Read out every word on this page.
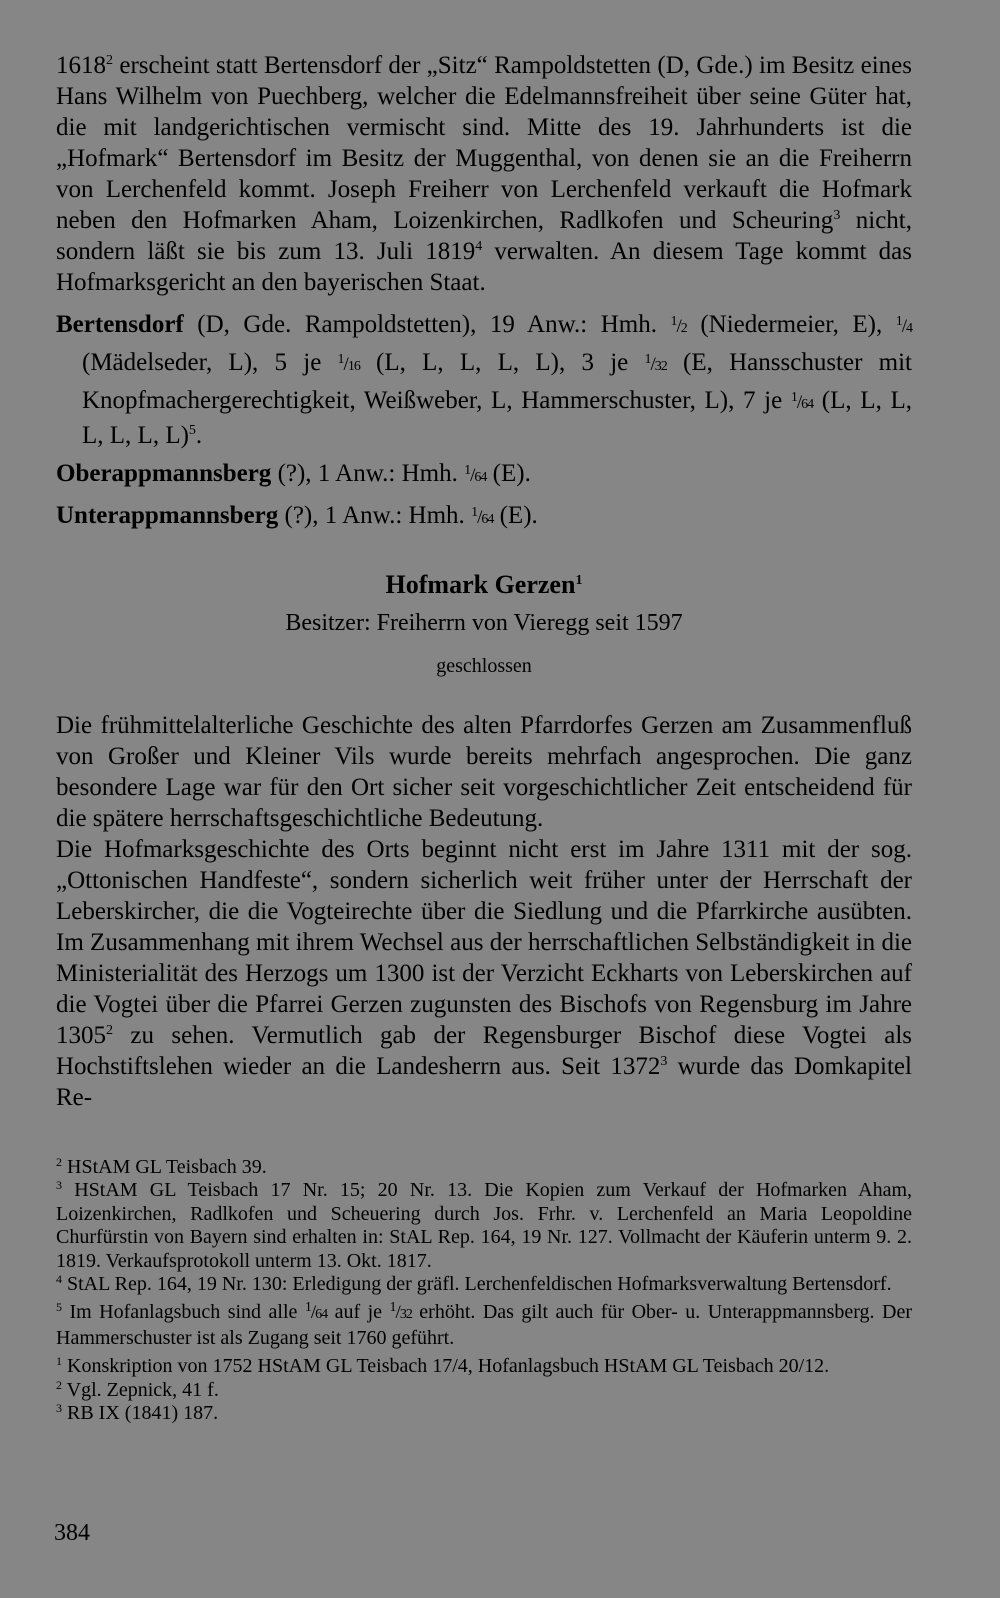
1618$^2$ erscheint statt Bertensdorf der „Sitz“ Rampoldstetten (D, Gde.) im Besitz eines Hans Wilhelm von Puechberg, welcher die Edelmannsfreiheit über seine Güter hat, die mit landgerichtischen vermischt sind. Mitte des 19. Jahrhunderts ist die „Hofmark“ Bertensdorf im Besitz der Muggenthal, von denen sie an die Freiherrn von Lerchenfeld kommt. Joseph Freiherr von Lerchenfeld verkauft die Hofmark neben den Hofmarken Aham, Loizenkirchen, Radlkofen und Scheuring$^3$ nicht, sondern läßt sie bis zum 13. Juli 1819$^4$ verwalten. An diesem Tage kommt das Hofmarksgericht an den bayerischen Staat.

Bertensdorf (D, Gde. Rampoldstetten), 19 Anw.: Hmh. $^1$/2 (Niedermeier, E), $^1$/4 (Mädelseder, L), 5 je $^1$/16 (L, L, L, L, L), 3 je $^1$/32 (E, Hansschuster mit Knopfmachergerechtigkeit, Weißweber, L, Hammerschuster, L), 7 je $^1$/64 (L, L, L, L, L, L, L)$^5$.

Oberappmannsberg (?), 1 Anw.: Hmh. $^1$/64 (E).

Unterappmannsberg (?), 1 Anw.: Hmh. $^1$/64 (E).

Hofmark Gerzen$^1$
Besitzer: Freiherrn von Vieregg seit 1597
geschlossen

Die frühmittelalterliche Geschichte des alten Pfarrdorfes Gerzen am Zusammenfluß von Großer und Kleiner Vils wurde bereits mehrfach angesprochen. Die ganz besondere Lage war für den Ort sicher seit vorgeschichtlicher Zeit entscheidend für die spätere herrschaftsgeschichtliche Bedeutung.

Die Hofmarksgeschichte des Orts beginnt nicht erst im Jahre 1311 mit der sog. „Ottonischen Handfeste“, sondern sicherlich weit früher unter der Herrschaft der Leberskircher, die die Vogteirechte über die Siedlung und die Pfarrkirche ausübten. Im Zusammenhang mit ihrem Wechsel aus der herrschaftlichen Selbständigkeit in die Ministerialität des Herzogs um 1300 ist der Verzicht Eckharts von Leberskirchen auf die Vogtei über die Pfarrei Gerzen zugunsten des Bischofs von Regensburg im Jahre 1305$^2$ zu sehen. Vermutlich gab der Regensburger Bischof diese Vogtei als Hochstiftslehen wieder an die Landesherrn aus. Seit 1372$^3$ wurde das Domkapitel Re-

$^2$ HStAM GL Teisbach 39.

$^3$ HStAM GL Teisbach 17 Nr. 15; 20 Nr. 13. Die Kopien zum Verkauf der Hofmarken Aham, Loizenkirchen, Radlkofen und Scheuering durch Jos. Frhr. v. Lerchenfeld an Maria Leopoldine Churfürstin von Bayern sind erhalten in: StAL Rep. 164, 19 Nr. 127. Vollmacht der Käuferin unterm 9. 2. 1819. Verkaufsprotokoll unterm 13. Okt. 1817.

$^4$ StAL Rep. 164, 19 Nr. 130: Erledigung der gräfl. Lerchenfeldischen Hofmarksverwaltung Bertensdorf.

$^5$ Im Hofanlagsbuch sind alle $^1$/64 auf je $^1$/32 erhöht. Das gilt auch für Ober- u. Unterappmannsberg. Der Hammerschuster ist als Zugang seit 1760 geführt.

$^1$ Konskription von 1752 HStAM GL Teisbach 17/4, Hofanlagsbuch HStAM GL Teisbach 20/12.

$^2$ Vgl. Zepnick, 41 f.

$^3$ RB IX (1841) 187.

384
